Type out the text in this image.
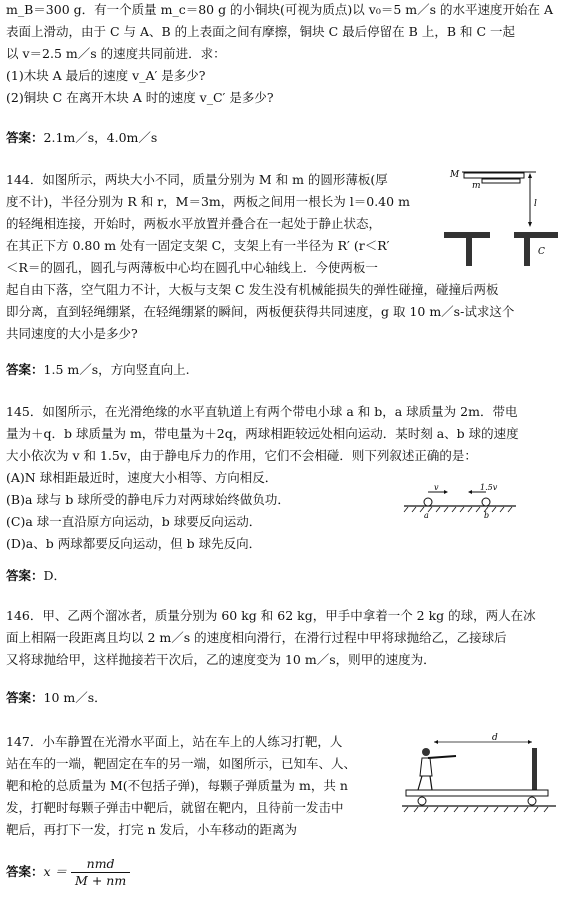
m_B＝300 g．有一个质量 m_c＝80 g 的小铜块(可视为质点)以 v₀＝5 m／s 的水平速度开始在 A
表面上滑动，由于 C 与 A、B 的上表面之间有摩擦，铜块 C 最后停留在 B 上，B 和 C 一起
以 v＝2.5 m／s 的速度共同前进．求：
(1)木块 A 最后的速度 v_A′ 是多少?
(2)铜块 C 在离开木块 A 时的速度 v_C′ 是多少?
答案：2.1m／s，4.0m／s
144．如图所示，两块大小不同，质量分别为 M 和 m 的圆形薄板(厚
度不计)，半径分别为 R 和 r，M＝3m，两板之间用一根长为 l＝0.40 m
的轻绳相连接，开始时，两板水平放置并叠合在一起处于静止状态，
在其正下方 0.80 m 处有一固定支架 C，支架上有一半径为 R′ (r＜R′
＜R＝的圆孔，圆孔与两薄板中心均在圆孔中心轴线上．今使两板一
起自由下落，空气阻力不计，大板与支架 C 发生没有机械能损失的弹性碰撞，碰撞后两板
即分离，直到轻绳绷紧，在轻绳绷紧的瞬间，两板便获得共同速度，g 取 10 m／s-试求这个
共同速度的大小是多少?
答案：1.5 m／s，方向竖直向上.
M
m
l
C
145．如图所示，在光滑绝缘的水平直轨道上有两个带电小球 a 和 b，a 球质量为 2m．带电
量为＋q．b 球质量为 m，带电量为＋2q，两球相距较远处相向运动．某时刻 a、b 球的速度
大小依次为 v 和 1.5v，由于静电斥力的作用，它们不会相碰．则下列叙述正确的是：
(A)N 球相距最近时，速度大小相等、方向相反．
(B)a 球与 b 球所受的静电斥力对两球始终做负功．
(C)a 球一直沿原方向运动，b 球要反向运动．
(D)a、b 两球都要反向运动，但 b 球先反向．
答案：D．
v	1.5v
a	b
146．甲、乙两个溜冰者，质量分别为 60 kg 和 62 kg，甲手中拿着一个 2 kg 的球，两人在冰
面上相隔一段距离且均以 2 m／s 的速度相向滑行，在滑行过程中甲将球抛给乙，乙接球后
又将球抛给甲，这样抛接若干次后，乙的速度变为 10 m／s，则甲的速度为．
答案：10 m／s．
147．小车静置在光滑水平面上，站在车上的人练习打靶，人
站在车的一端，靶固定在车的另一端，如图所示，已知车、人、
靶和枪的总质量为 M(不包括子弹)，每颗子弹质量为 m，共 n
发，打靶时每颗子弹击中靶后，就留在靶内，且待前一发击中
靶后，再打下一发，打完 n 发后，小车移动的距离为
答案：$x = \frac{\text{nmd}}{M + nm}$
d
